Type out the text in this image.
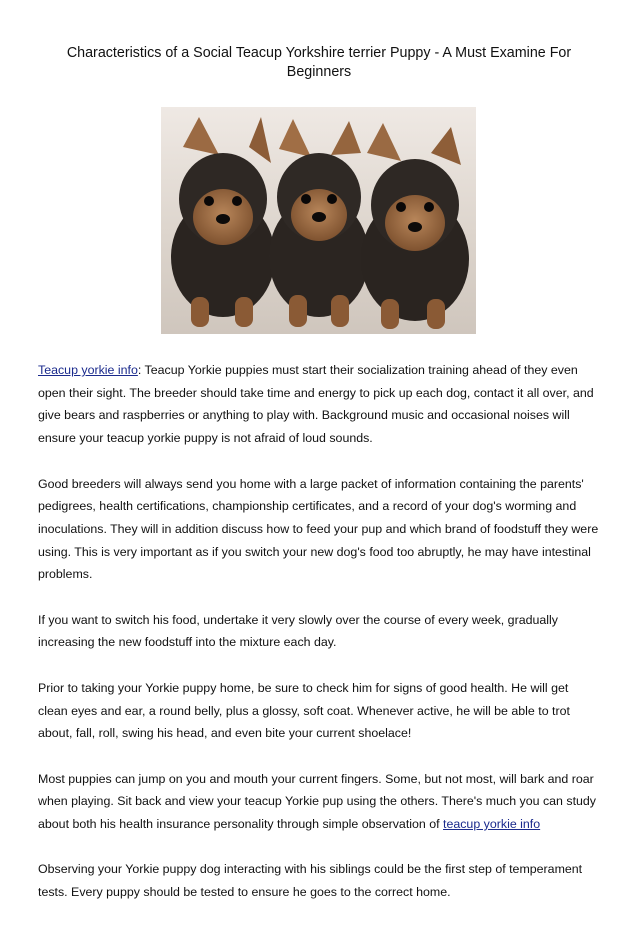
Characteristics of a Social Teacup Yorkshire terrier Puppy - A Must Examine For Beginners

Teacup yorkie info: Teacup Yorkie puppies must start their socialization training ahead of they even open their sight. The breeder should take time and energy to pick up each dog, contact it all over, and give bears and raspberries or anything to play with. Background music and occasional noises will ensure your teacup yorkie puppy is not afraid of loud sounds.

Good breeders will always send you home with a large packet of information containing the parents' pedigrees, health certifications, championship certificates, and a record of your dog's worming and inoculations. They will in addition discuss how to feed your pup and which brand of foodstuff they were using. This is very important as if you switch your new dog's food too abruptly, he may have intestinal problems.

If you want to switch his food, undertake it very slowly over the course of every week, gradually increasing the new foodstuff into the mixture each day.

Prior to taking your Yorkie puppy home, be sure to check him for signs of good health. He will get clean eyes and ear, a round belly, plus a glossy, soft coat. Whenever active, he will be able to trot about, fall, roll, swing his head, and even bite your current shoelace!

Most puppies can jump on you and mouth your current fingers. Some, but not most, will bark and roar when playing. Sit back and view your teacup Yorkie pup using the others. There's much you can study about both his health insurance personality through simple observation of teacup yorkie info

Observing your Yorkie puppy dog interacting with his siblings could be the first step of temperament tests. Every puppy should be tested to ensure he goes to the correct home.
